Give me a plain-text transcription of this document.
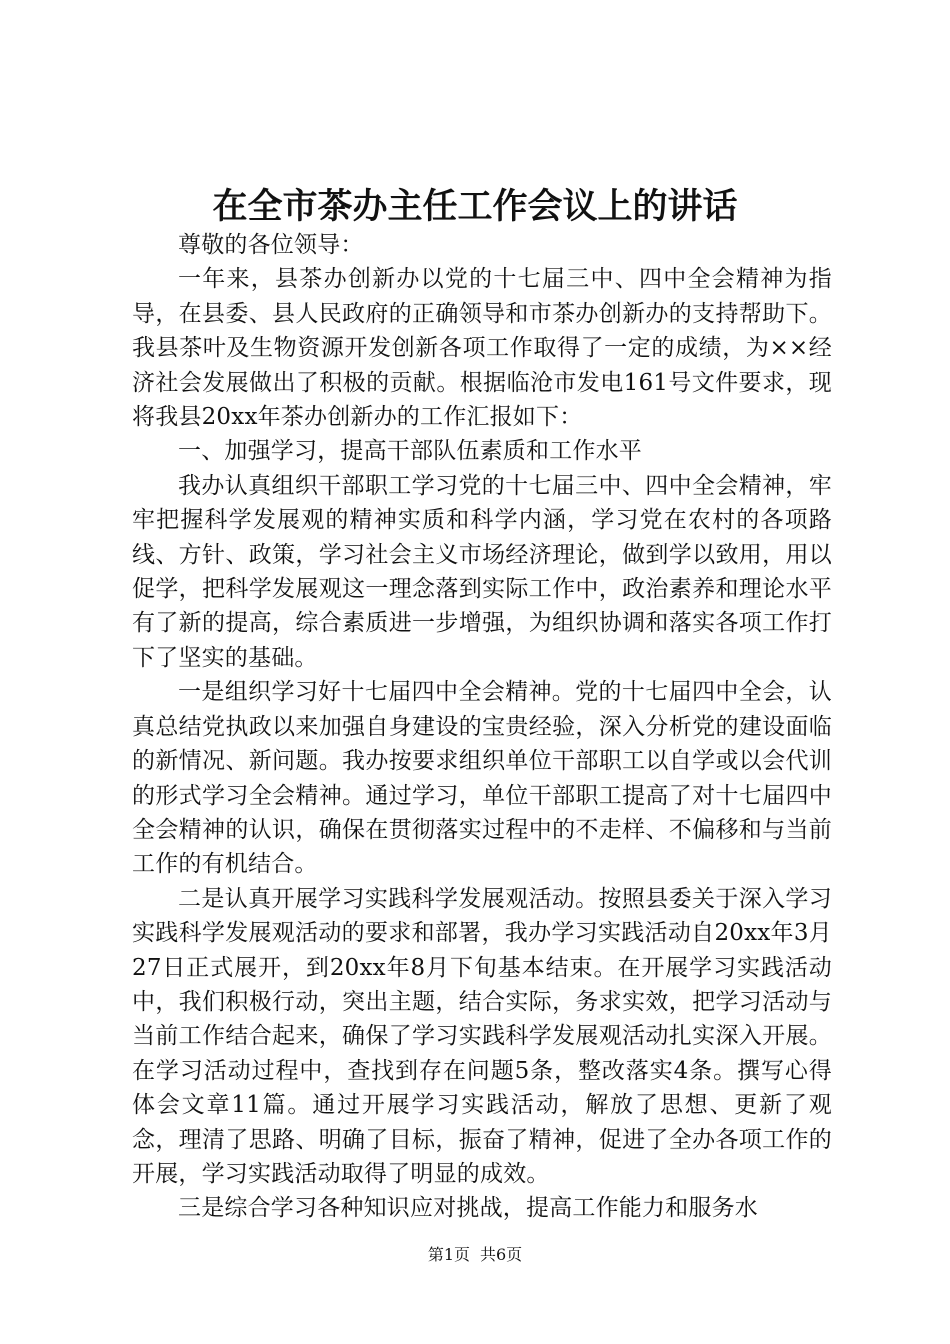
在全市茶办主任工作会议上的讲话

尊敬的各位领导：

一年来，县茶办创新办以党的十七届三中、四中全会精神为指导，在县委、县人民政府的正确领导和市茶办创新办的支持帮助下。我县茶叶及生物资源开发创新各项工作取得了一定的成绩，为××经济社会发展做出了积极的贡献。根据临沧市发电161号文件要求，现将我县20xx年茶办创新办的工作汇报如下：

一、加强学习，提高干部队伍素质和工作水平

我办认真组织干部职工学习党的十七届三中、四中全会精神，牢牢把握科学发展观的精神实质和科学内涵，学习党在农村的各项路线、方针、政策，学习社会主义市场经济理论，做到学以致用，用以促学，把科学发展观这一理念落到实际工作中，政治素养和理论水平有了新的提高，综合素质进一步增强，为组织协调和落实各项工作打下了坚实的基础。

一是组织学习好十七届四中全会精神。党的十七届四中全会，认真总结党执政以来加强自身建设的宝贵经验，深入分析党的建设面临的新情况、新问题。我办按要求组织单位干部职工以自学或以会代训的形式学习全会精神。通过学习，单位干部职工提高了对十七届四中全会精神的认识，确保在贯彻落实过程中的不走样、不偏移和与当前工作的有机结合。

二是认真开展学习实践科学发展观活动。按照县委关于深入学习实践科学发展观活动的要求和部署，我办学习实践活动自20xx年3月27日正式展开，到20xx年8月下旬基本结束。在开展学习实践活动中，我们积极行动，突出主题，结合实际，务求实效，把学习活动与当前工作结合起来，确保了学习实践科学发展观活动扎实深入开展。在学习活动过程中，查找到存在问题5条，整改落实4条。撰写心得体会文章11篇。通过开展学习实践活动，解放了思想、更新了观念，理清了思路、明确了目标，振奋了精神，促进了全办各项工作的开展，学习实践活动取得了明显的成效。

三是综合学习各种知识应对挑战，提高工作能力和服务水

第1页 共6页
